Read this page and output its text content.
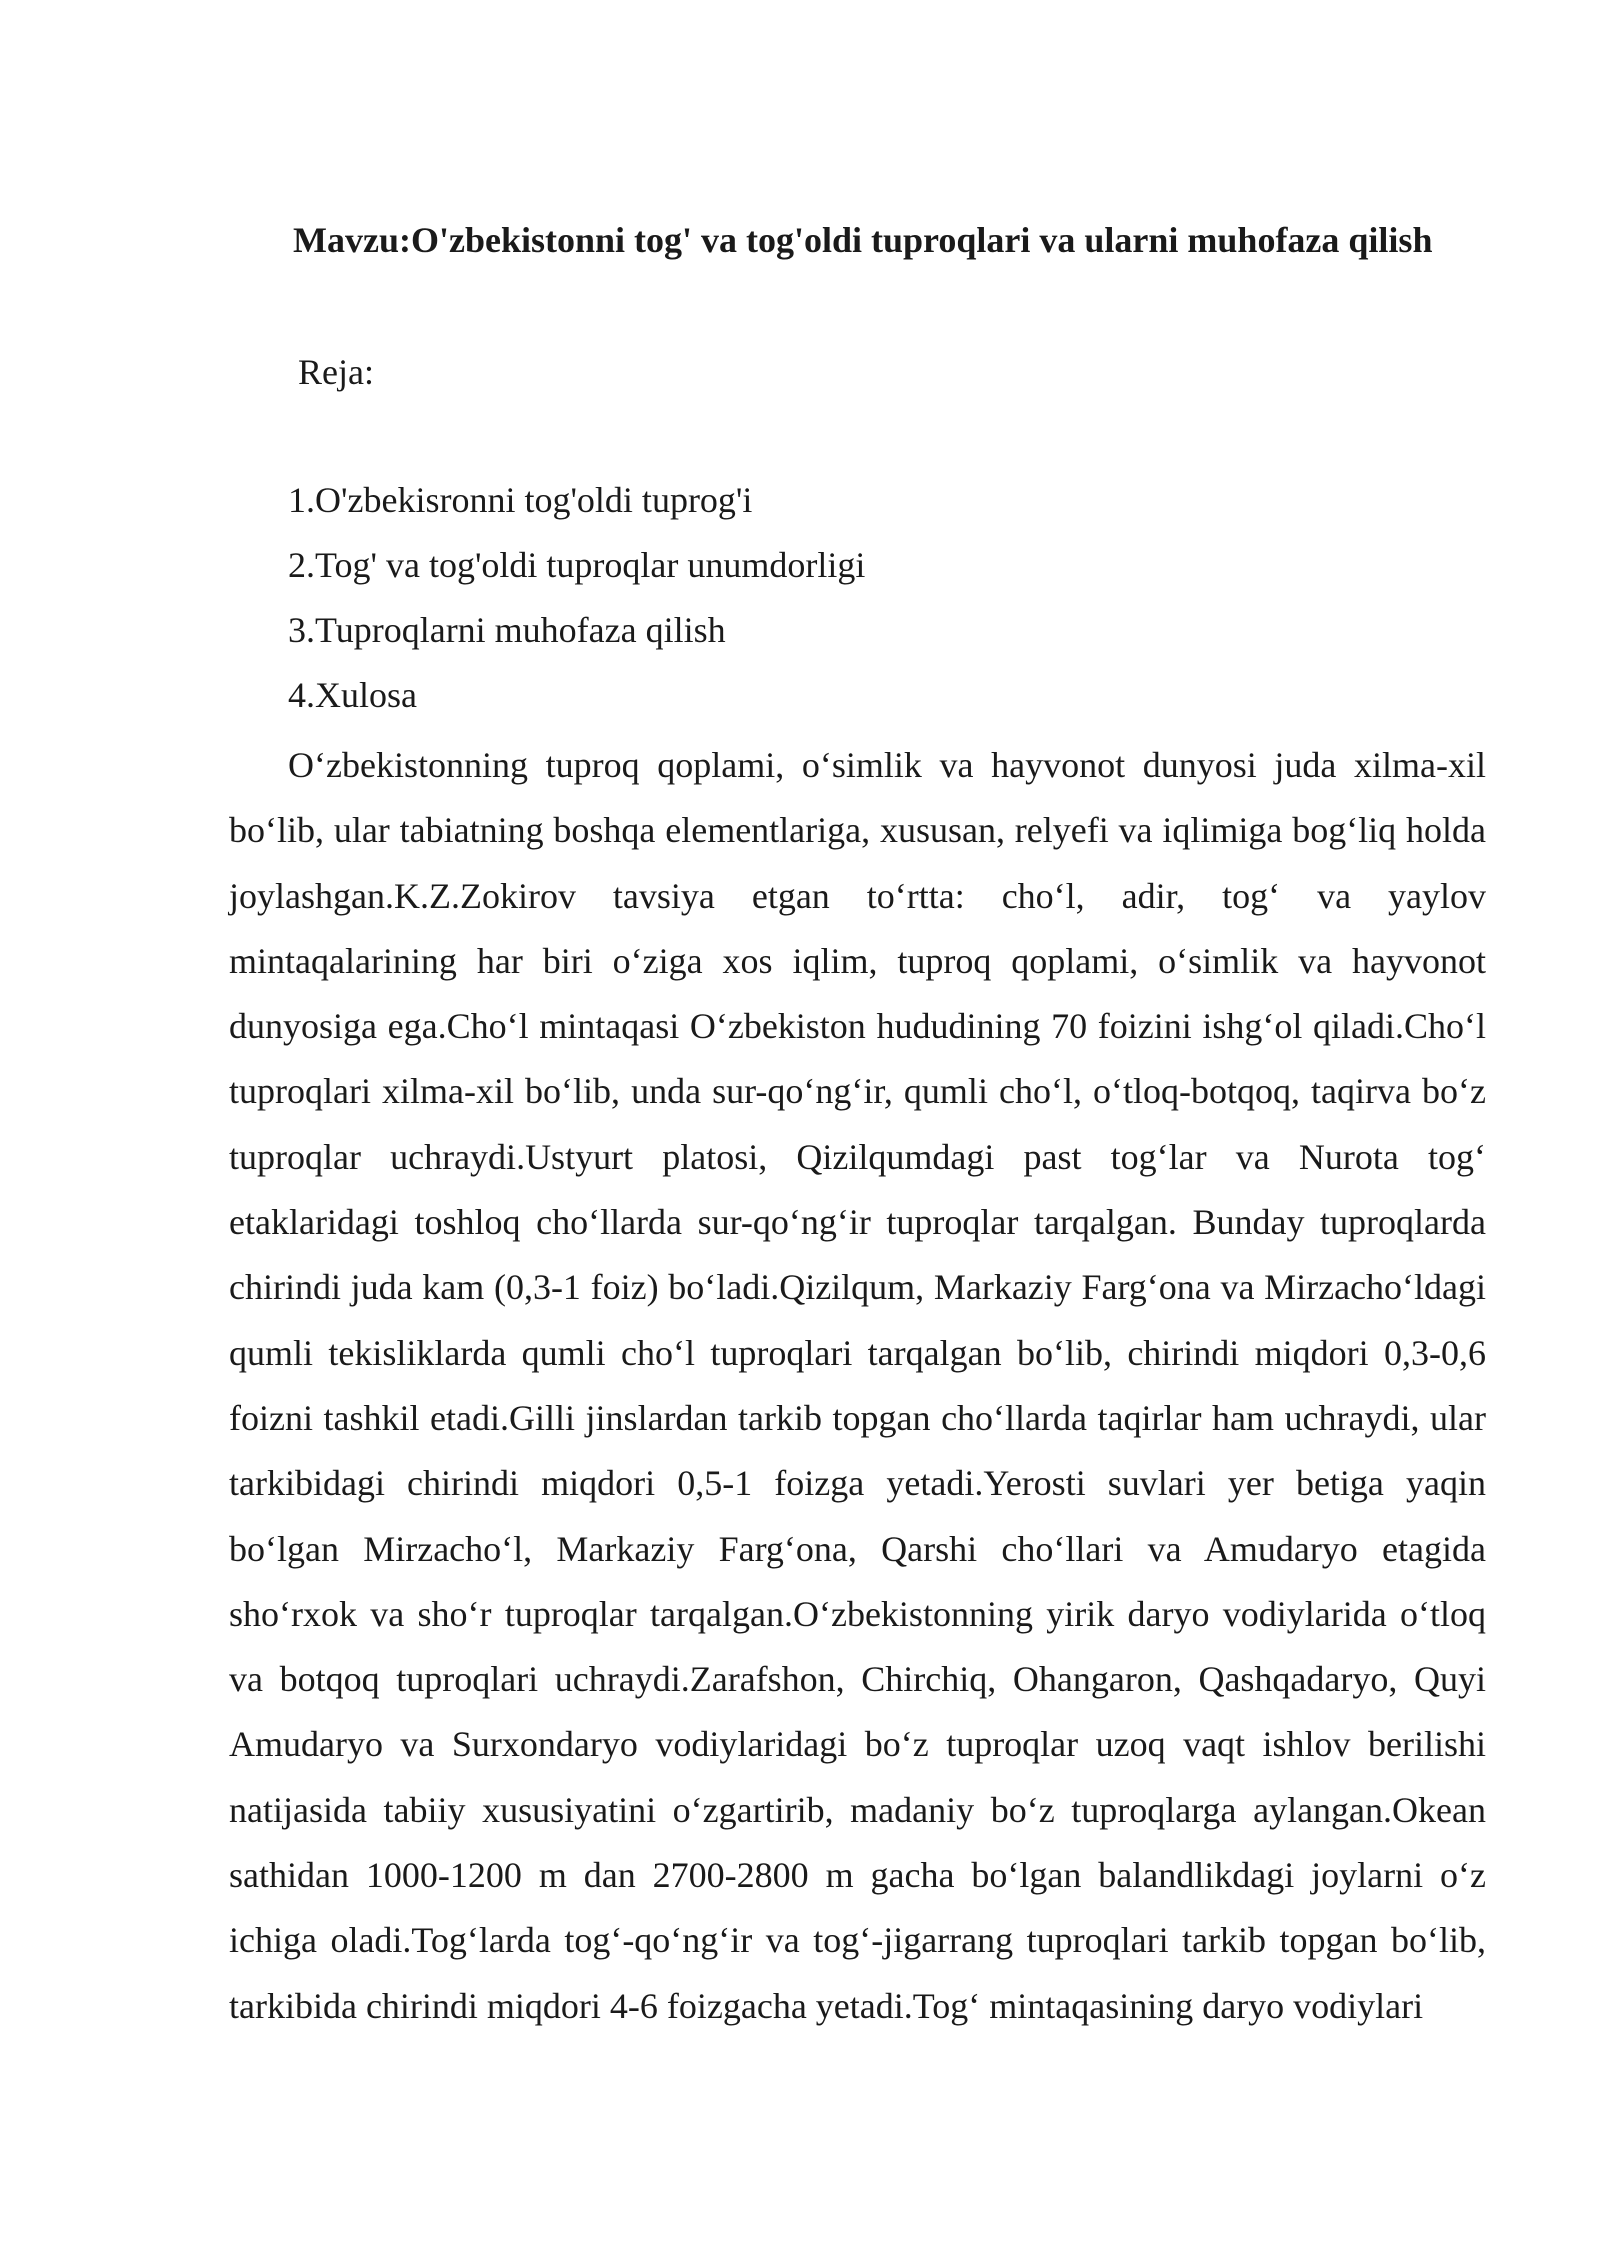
Mavzu:O'zbekistonni tog' va tog'oldi tuproqlari va ularni muhofaza qilish
Reja:
1.O'zbekisronni tog'oldi tuprog'i
2.Tog' va tog'oldi tuproqlar unumdorligi
3.Tuproqlarni muhofaza qilish
4.Xulosa

O‘zbekistonning tuproq qoplami, o‘simlik va hayvonot dunyosi juda xilma-xil bo‘lib, ular tabiatning boshqa elementlariga, xususan, relyefi va iqlimiga bog‘liq holda joylashgan.K.Z.Zokirov tavsiya etgan to‘rtta: cho‘l, adir, tog‘ va yaylov mintaqalarining har biri o‘ziga xos iqlim, tuproq qoplami, o‘simlik va hayvonot dunyosiga ega.Cho‘l mintaqasi O‘zbekiston hududining 70 foizini ishg‘ol qiladi.Cho‘l tuproqlari xilma-xil bo‘lib, unda sur-qo‘ng‘ir, qumli cho‘l, o‘tloq-botqoq, taqirva bo‘z tuproqlar uchraydi.Ustyurt platosi, Qizilqumdagi past tog‘lar va Nurota tog‘ etaklaridagi toshloq cho‘llarda sur-qo‘ng‘ir tuproqlar tarqalgan. Bunday tuproqlarda chirindi juda kam (0,3-1 foiz) bo‘ladi.Qizilqum, Markaziy Farg‘ona va Mirzacho‘ldagi qumli tekisliklarda qumli cho‘l tuproqlari tarqalgan bo‘lib, chirindi miqdori 0,3-0,6 foizni tashkil etadi.Gilli jinslardan tarkib topgan cho‘llarda taqirlar ham uchraydi, ular tarkibidagi chirindi miqdori 0,5-1 foizga yetadi.Yerosti suvlari yer betiga yaqin bo‘lgan Mirzacho‘l, Markaziy Farg‘ona, Qarshi cho‘llari va Amudaryo etagida sho‘rxok va sho‘r tuproqlar tarqalgan.O‘zbekistonning yirik daryo vodiylarida o‘tloq va botqoq tuproqlari uchraydi.Zarafshon, Chirchiq, Ohangaron, Qashqadaryo, Quyi Amudaryo va Surxondaryo vodiylaridagi bo‘z tuproqlar uzoq vaqt ishlov berilishi natijasida tabiiy xususiyatini o‘zgartirib, madaniy bo‘z tuproqlarga aylangan.Okean sathidan 1000-1200 m dan 2700-2800 m gacha bo‘lgan balandlikdagi joylarni o‘z ichiga oladi.Tog‘larda tog‘-qo‘ng‘ir va tog‘-jigarrang tuproqlari tarkib topgan bo‘lib, tarkibida chirindi miqdori 4-6 foizgacha yetadi.Tog‘ mintaqasining daryo vodiylari
